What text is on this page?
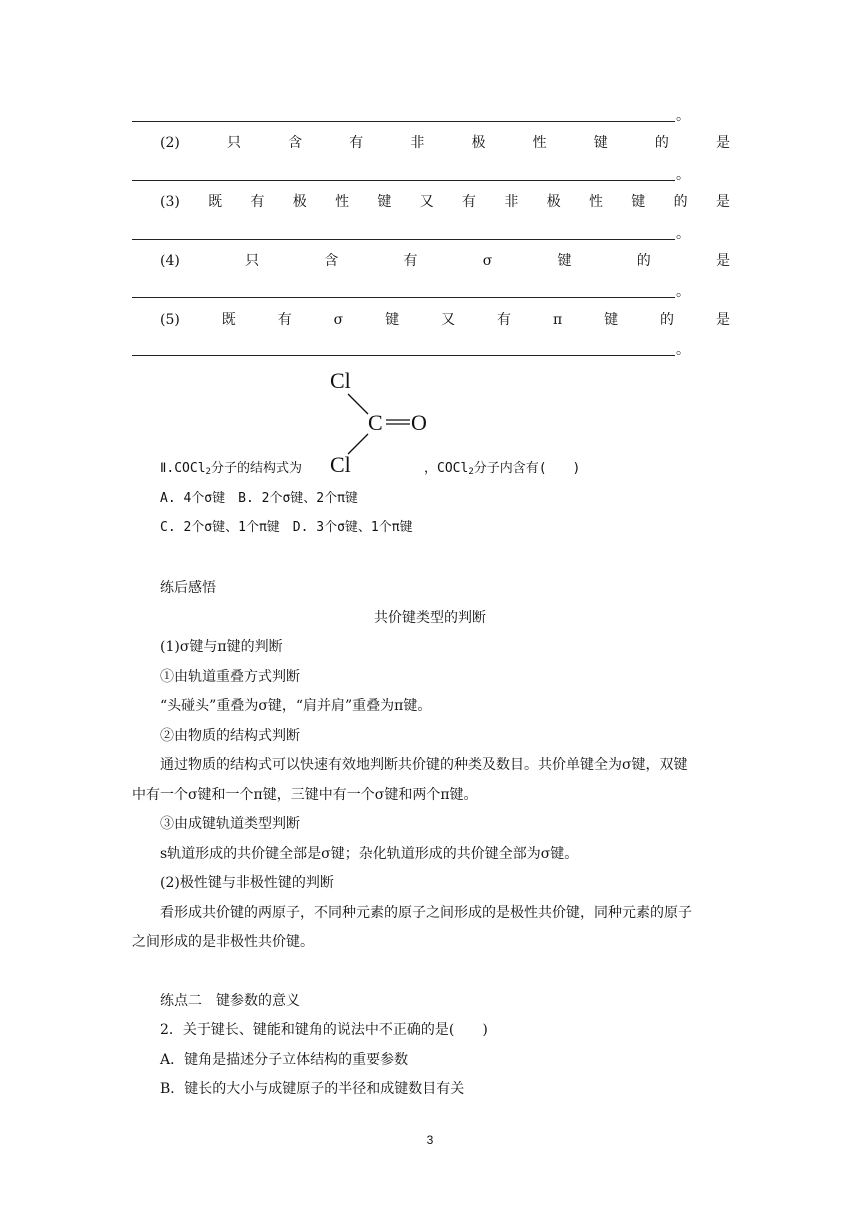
。
(2)	只	含	有	非	极	性	键	的	是
。
(3) 既 有 极 性 键 又 有 非 极 性 键 的 是
。
(4)	只	含	有	σ	键	的	是
。
(5)	既	有	σ	键	又	有	π	键	的	是
。
Cl
C O
Cl
Ⅱ.COCl$_2$分子的结构式为	，COCl$_2$分子内含有(　　)
A. 4个σ键　B. 2个σ键、2个π键
C. 2个σ键、1个π键　D. 3个σ键、1个π键
练后感悟
共价键类型的判断
(1)σ键与π键的判断
①由轨道重叠方式判断
“头碰头”重叠为σ键，“肩并肩”重叠为π键。
②由物质的结构式判断
通过物质的结构式可以快速有效地判断共价键的种类及数目。共价单键全为σ键，双键
中有一个σ键和一个π键，三键中有一个σ键和两个π键。
③由成键轨道类型判断
s轨道形成的共价键全部是σ键；杂化轨道形成的共价键全部为σ键。
(2)极性键与非极性键的判断
看形成共价键的两原子，不同种元素的原子之间形成的是极性共价键，同种元素的原子
之间形成的是非极性共价键。
练点二　键参数的意义
2．关于键长、键能和键角的说法中不正确的是(　　)
A．键角是描述分子立体结构的重要参数
B．键长的大小与成键原子的半径和成键数目有关
3
